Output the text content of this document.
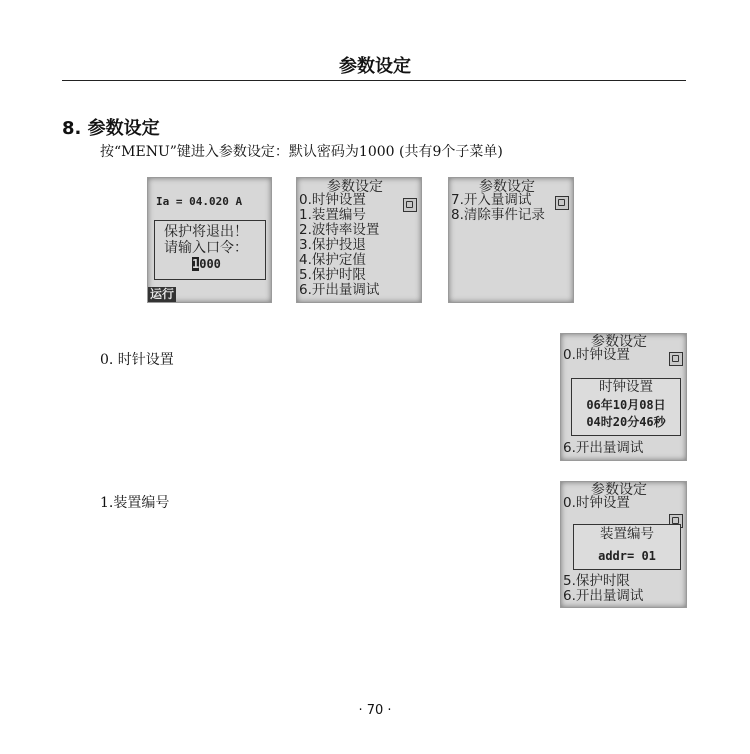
参数设定
8. 参数设定
按“MENU”键进入参数设定：默认密码为1000 (共有9个子菜单)
Ia = 04.020 A
保护将退出！
请输入口令：
1000
运行
参数设定
0.时钟设置
1.装置编号
2.波特率设置
3.保护投退
4.保护定值
5.保护时限
6.开出量调试
参数设定
7.开入量调试
8.清除事件记录
0. 时针设置
参数设定
0.时钟设置
时钟设置
06年10月08日
04时20分46秒
6.开出量调试
1.装置编号
参数设定
0.时钟设置
装置编号
addr= 01
5.保护时限
6.开出量调试
· 70 ·
